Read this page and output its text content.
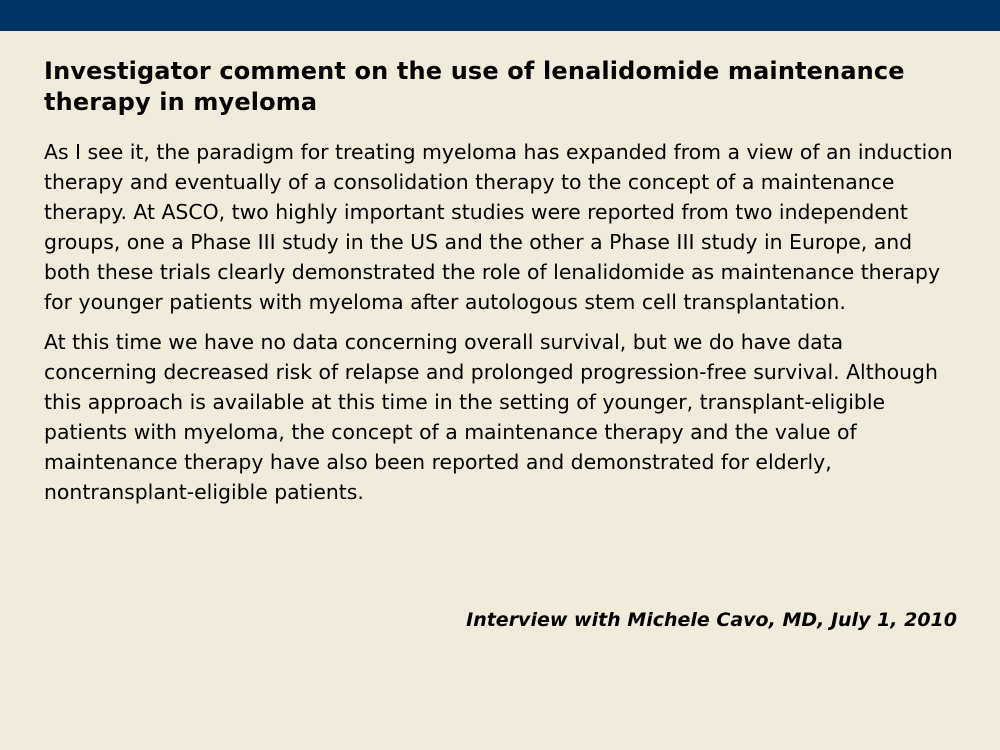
Investigator comment on the use of lenalidomide maintenance therapy in myeloma

As I see it, the paradigm for treating myeloma has expanded from a view of an induction therapy and eventually of a consolidation therapy to the concept of a maintenance therapy. At ASCO, two highly important studies were reported from two independent groups, one a Phase III study in the US and the other a Phase III study in Europe, and both these trials clearly demonstrated the role of lenalidomide as maintenance therapy for younger patients with myeloma after autologous stem cell transplantation.

At this time we have no data concerning overall survival, but we do have data concerning decreased risk of relapse and prolonged progression-free survival. Although this approach is available at this time in the setting of younger, transplant-eligible patients with myeloma, the concept of a maintenance therapy and the value of maintenance therapy have also been reported and demonstrated for elderly, nontransplant-eligible patients.

Interview with Michele Cavo, MD, July 1, 2010
